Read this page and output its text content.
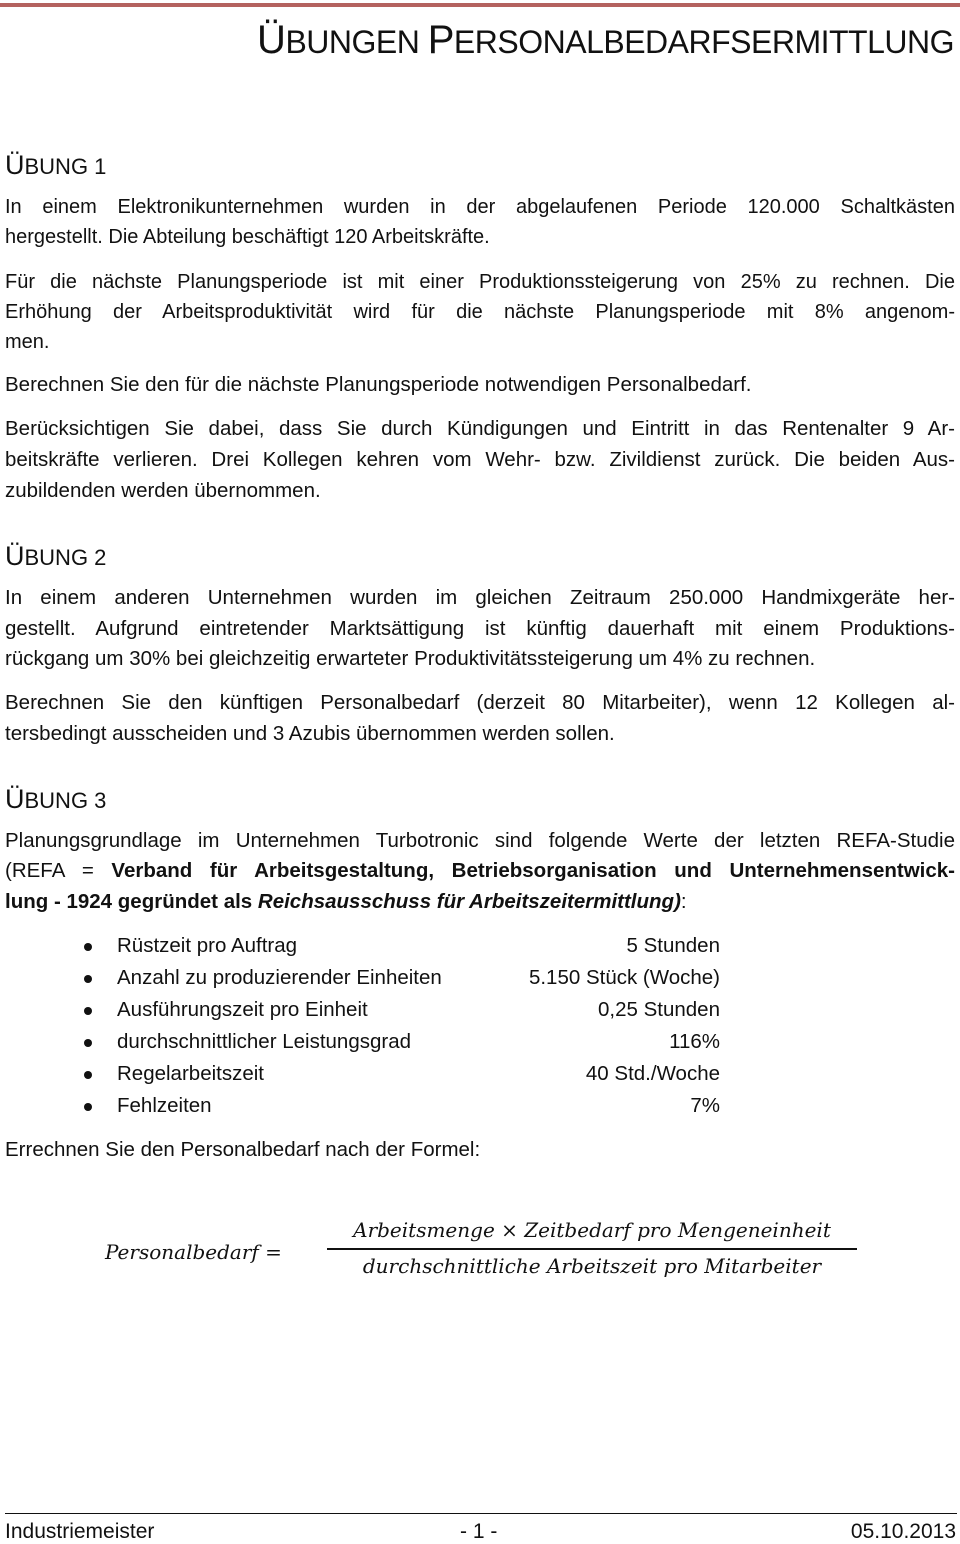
ÜBUNGEN PERSONALBEDARFSERMITTLUNG
ÜBUNG 1
In einem Elektronikunternehmen wurden in der abgelaufenen Periode 120.000 Schaltkästen
hergestellt. Die Abteilung beschäftigt 120 Arbeitskräfte.
Für die nächste Planungsperiode ist mit einer Produktionssteigerung von 25% zu rechnen. Die
Erhöhung der Arbeitsproduktivität wird für die nächste Planungsperiode mit 8% angenom-
men.
Berechnen Sie den für die nächste Planungsperiode notwendigen Personalbedarf.
Berücksichtigen Sie dabei, dass Sie durch Kündigungen und Eintritt in das Rentenalter 9 Ar-
beitskräfte verlieren. Drei Kollegen kehren vom Wehr- bzw. Zivildienst zurück. Die beiden Aus-
zubildenden werden übernommen.
ÜBUNG 2
In einem anderen Unternehmen wurden im gleichen Zeitraum 250.000 Handmixgeräte her-
gestellt. Aufgrund eintretender Marktsättigung ist künftig dauerhaft mit einem Produktions-
rückgang um 30% bei gleichzeitig erwarteter Produktivitätssteigerung um 4% zu rechnen.
Berechnen Sie den künftigen Personalbedarf (derzeit 80 Mitarbeiter), wenn 12 Kollegen al-
tersbedingt ausscheiden und 3 Azubis übernommen werden sollen.
ÜBUNG 3
Planungsgrundlage im Unternehmen Turbotronic sind folgende Werte der letzten REFA-Studie
(REFA = Verband für Arbeitsgestaltung, Betriebsorganisation und Unternehmensentwick-
lung - 1924 gegründet als Reichsausschuss für Arbeitszeitermittlung):
Rüstzeit pro Auftrag	5 Stunden
Anzahl zu produzierender Einheiten	5.150 Stück (Woche)
Ausführungszeit pro Einheit	0,25 Stunden
durchschnittlicher Leistungsgrad	116%
Regelarbeitszeit	40 Std./Woche
Fehlzeiten	7%
Errechnen Sie den Personalbedarf nach der Formel:
Personalbedarf =
Arbeitsmenge × Zeitbedarf pro Mengeneinheit
durchschnittliche Arbeitszeit pro Mitarbeiter
Industriemeister	- 1 -	05.10.2013
